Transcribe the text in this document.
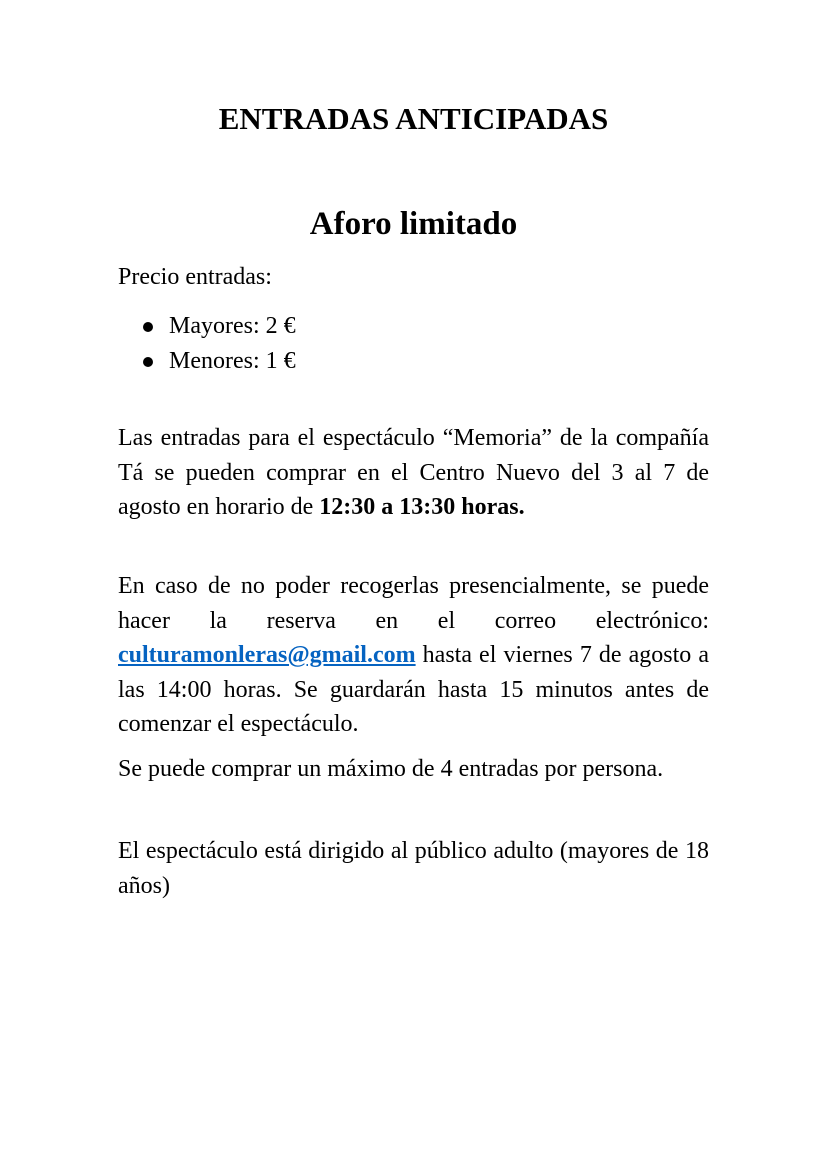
ENTRADAS ANTICIPADAS
Aforo limitado

Precio entradas:

Mayores: 2 €
Menores: 1 €

Las entradas para el espectáculo “Memoria” de la compañía Tá se pueden comprar en el Centro Nuevo del 3 al 7 de agosto en horario de 12:30 a 13:30 horas.

En caso de no poder recogerlas presencialmente, se puede hacer la reserva en el correo electrónico: culturamonleras@gmail.com hasta el viernes 7 de agosto a las 14:00 horas. Se guardarán hasta 15 minutos antes de comenzar el espectáculo.

Se puede comprar un máximo de 4 entradas por persona.

El espectáculo está dirigido al público adulto (mayores de 18 años)
